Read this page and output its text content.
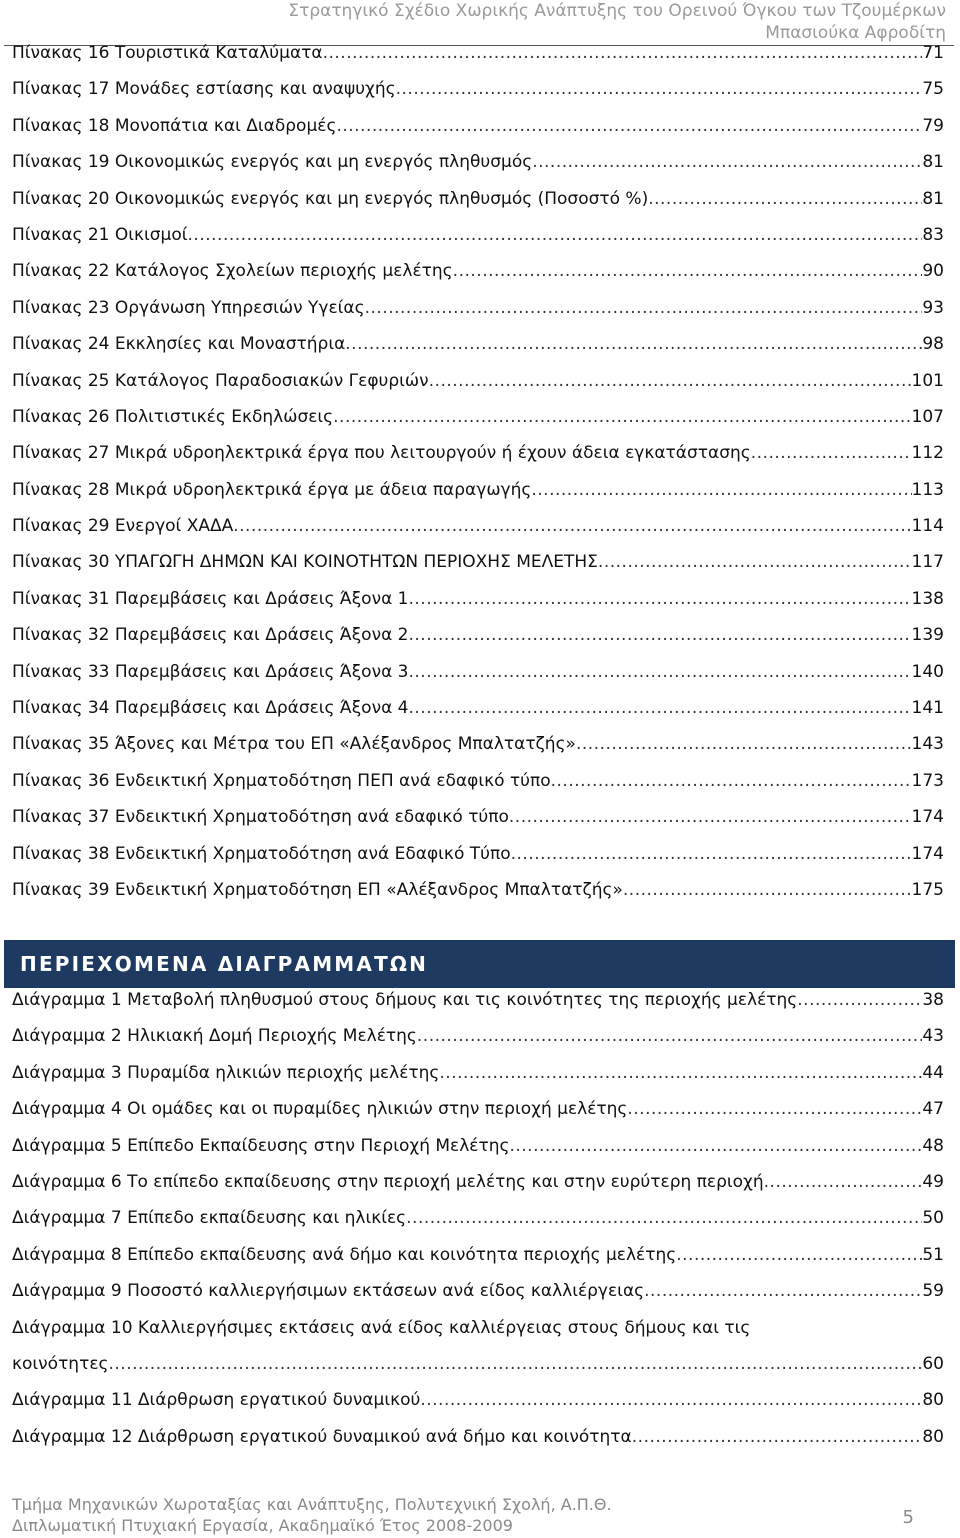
Στρατηγικό Σχέδιο Χωρικής Ανάπτυξης του Ορεινού Όγκου των Τζουμέρκων
Μπασιούκα Αφροδίτη
Πίνακας 16 Τουριστικά Καταλύματα .....	71
Πίνακας 17 Μονάδες εστίασης και αναψυχής .....	75
Πίνακας 18 Μονοπάτια και Διαδρομές .....	79
Πίνακας 19 Οικονομικώς ενεργός και μη ενεργός πληθυσμός .....	81
Πίνακας 20 Οικονομικώς ενεργός και μη ενεργός πληθυσμός (Ποσοστό %) .....	81
Πίνακας 21 Οικισμοί .....	83
Πίνακας 22 Κατάλογος Σχολείων περιοχής μελέτης .....	90
Πίνακας 23 Οργάνωση Υπηρεσιών Υγείας .....	93
Πίνακας 24 Εκκλησίες και Μοναστήρια .....	98
Πίνακας 25 Κατάλογος Παραδοσιακών Γεφυριών .....	101
Πίνακας 26 Πολιτιστικές Εκδηλώσεις .....	107
Πίνακας 27 Μικρά υδροηλεκτρικά έργα που λειτουργούν ή έχουν άδεια εγκατάστασης .....	112
Πίνακας 28 Μικρά υδροηλεκτρικά έργα με άδεια παραγωγής .....	113
Πίνακας 29 Ενεργοί ΧΑΔΑ .....	114
Πίνακας 30 ΥΠΑΓΩΓΗ ΔΗΜΩΝ ΚΑΙ ΚΟΙΝΟΤΗΤΩΝ ΠΕΡΙΟΧΗΣ ΜΕΛΕΤΗΣ .....	117
Πίνακας 31 Παρεμβάσεις και Δράσεις Άξονα 1 .....	138
Πίνακας 32 Παρεμβάσεις και Δράσεις Άξονα 2 .....	139
Πίνακας 33 Παρεμβάσεις και Δράσεις Άξονα 3 .....	140
Πίνακας 34 Παρεμβάσεις και Δράσεις Άξονα 4 .....	141
Πίνακας 35 Άξονες και Μέτρα του ΕΠ «Αλέξανδρος Μπαλτατζής» .....	143
Πίνακας 36 Ενδεικτική Χρηματοδότηση ΠΕΠ ανά εδαφικό τύπο .....	173
Πίνακας 37 Ενδεικτική Χρηματοδότηση ανά εδαφικό τύπο .....	174
Πίνακας 38 Ενδεικτική Χρηματοδότηση ανά Εδαφικό Τύπο .....	174
Πίνακας 39 Ενδεικτική Χρηματοδότηση ΕΠ «Αλέξανδρος Μπαλτατζής» .....	175
ΠΕΡΙΕΧΟΜΕΝΑ ΔΙΑΓΡΑΜΜΑΤΩΝ
Διάγραμμα 1 Μεταβολή πληθυσμού στους δήμους και τις κοινότητες της περιοχής μελέτης .....	38
Διάγραμμα 2 Ηλικιακή Δομή Περιοχής Μελέτης .....	43
Διάγραμμα 3 Πυραμίδα ηλικιών περιοχής μελέτης .....	44
Διάγραμμα 4 Οι ομάδες και οι πυραμίδες ηλικιών στην περιοχή μελέτης .....	47
Διάγραμμα 5 Επίπεδο Εκπαίδευσης στην Περιοχή Μελέτης .....	48
Διάγραμμα 6 Το επίπεδο εκπαίδευσης στην περιοχή μελέτης και στην ευρύτερη περιοχή .....	49
Διάγραμμα 7 Επίπεδο εκπαίδευσης και ηλικίες .....	50
Διάγραμμα 8 Επίπεδο εκπαίδευσης ανά δήμο και κοινότητα περιοχής μελέτης .....	51
Διάγραμμα 9 Ποσοστό καλλιεργήσιμων εκτάσεων ανά είδος καλλιέργειας .....	59
Διάγραμμα 10 Καλλιεργήσιμες εκτάσεις ανά είδος καλλιέργειας στους δήμους και τις
κοινότητες .....	60
Διάγραμμα 11 Διάρθρωση εργατικού δυναμικού .....	80
Διάγραμμα 12 Διάρθρωση εργατικού δυναμικού ανά δήμο και κοινότητα .....	80
Τμήμα Μηχανικών Χωροταξίας και Ανάπτυξης, Πολυτεχνική Σχολή, Α.Π.Θ.
Διπλωματική Πτυχιακή Εργασία, Ακαδημαϊκό Έτος 2008-2009	5
